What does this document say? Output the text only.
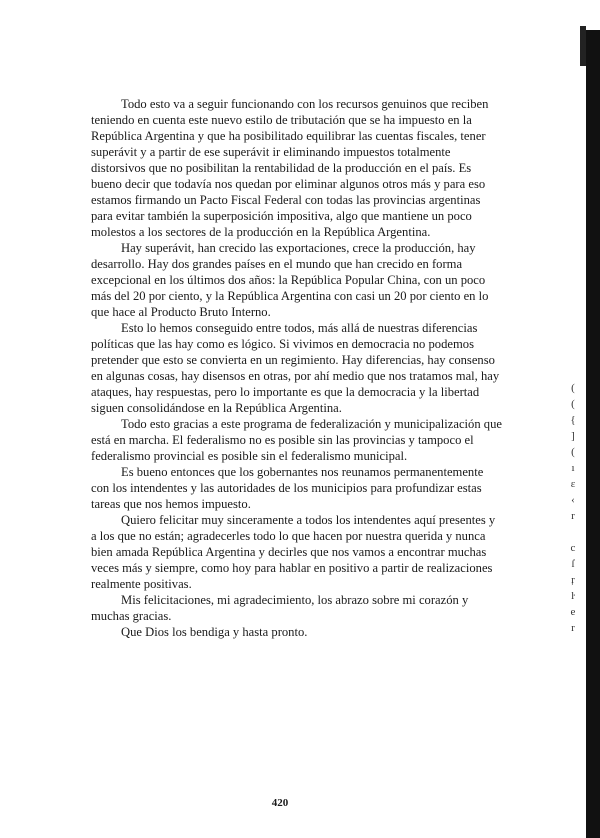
Todo esto va a seguir funcionando con los recursos genuinos que reciben teniendo en cuenta este nuevo estilo de tributación que se ha impuesto en la República Argentina y que ha posibilitado equilibrar las cuentas fiscales, tener superávit y a partir de ese superávit ir eliminando impuestos totalmente distorsivos que no posibilitan la rentabilidad de la producción en el país. Es bueno decir que todavía nos quedan por eliminar algunos otros más y para eso estamos firmando un Pacto Fiscal Federal con todas las provincias argentinas para evitar también la superposición impositiva, algo que mantiene un poco molestos a los sectores de la producción en la República Argentina.

Hay superávit, han crecido las exportaciones, crece la producción, hay desarrollo. Hay dos grandes países en el mundo que han crecido en forma excepcional en los últimos dos años: la República Popular China, con un poco más del 20 por ciento, y la República Argentina con casi un 20 por ciento en lo que hace al Producto Bruto Interno.

Esto lo hemos conseguido entre todos, más allá de nuestras diferencias políticas que las hay como es lógico. Si vivimos en democracia no podemos pretender que esto se convierta en un regimiento. Hay diferencias, hay consenso en algunas cosas, hay disensos en otras, por ahí medio que nos tratamos mal, hay ataques, hay respuestas, pero lo importante es que la democracia y la libertad siguen consolidándose en la República Argentina.

Todo esto gracias a este programa de federalización y municipalización que está en marcha. El federalismo no es posible sin las provincias y tampoco el federalismo provincial es posible sin el federalismo municipal.

Es bueno entonces que los gobernantes nos reunamos permanentemente con los intendentes y las autoridades de los municipios para profundizar estas tareas que nos hemos impuesto.

Quiero felicitar muy sinceramente a todos los intendentes aquí presentes y a los que no están; agradecerles todo lo que hacen por nuestra querida y nunca bien amada República Argentina y decirles que nos vamos a encontrar muchas veces más y siempre, como hoy para hablar en positivo a partir de realizaciones realmente positivas.

Mis felicitaciones, mi agradecimiento, los abrazo sobre mi corazón y muchas gracias.

Que Dios los bendiga y hasta pronto.

(
(
{
]
(
ı
ɛ
‹
r

c
ſ
ŗ
ŀ
e
r
420
